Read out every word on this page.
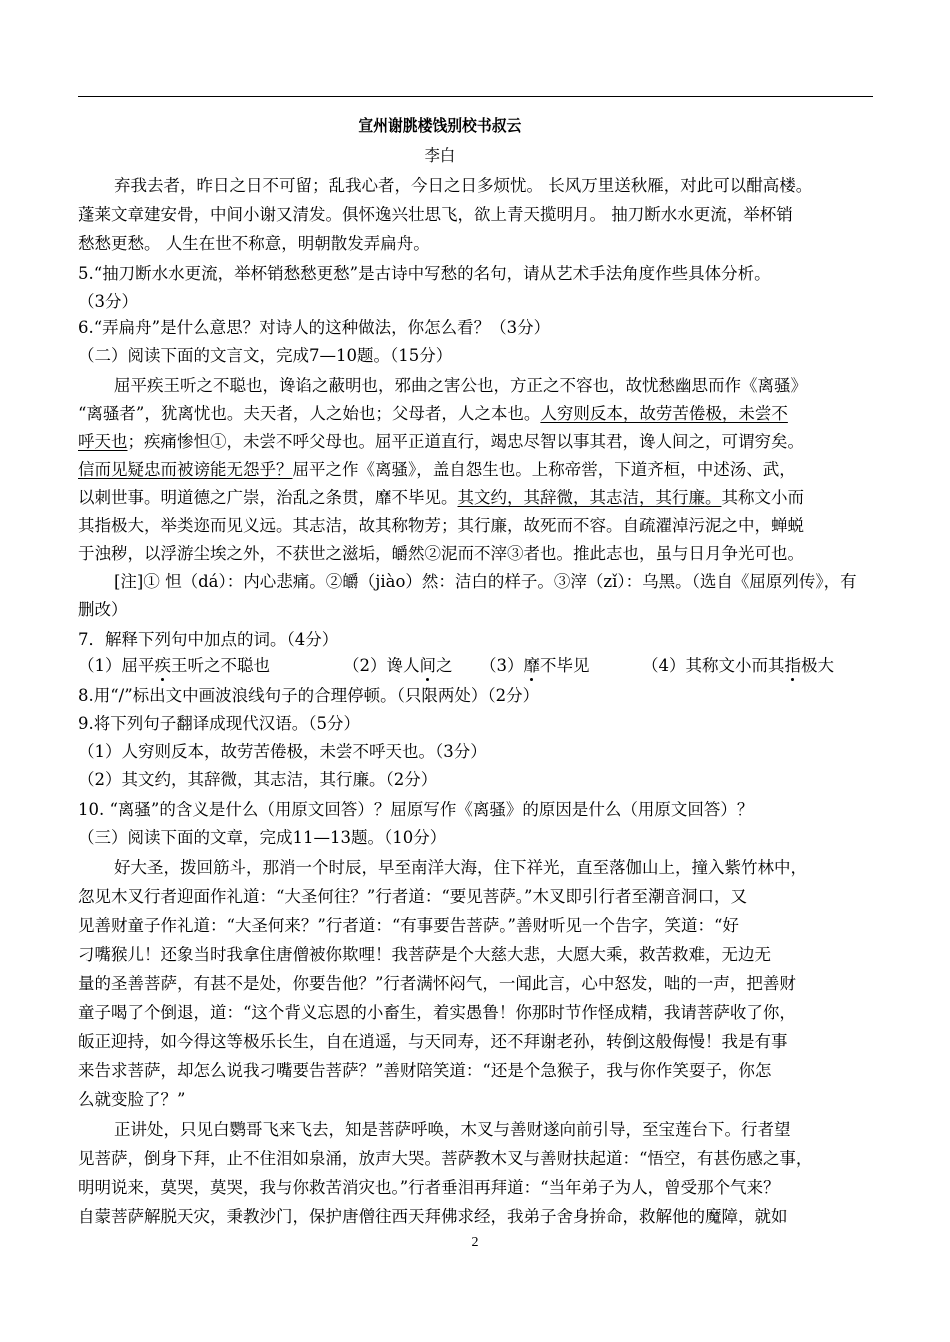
宣州谢朓楼饯别校书叔云
李白
弃我去者，昨日之日不可留；乱我心者，今日之日多烦忧。 长风万里送秋雁，对此可以酣高楼。
蓬莱文章建安骨，中间小谢又清发。俱怀逸兴壮思飞，欲上青天揽明月。 抽刀断水水更流，举杯销
愁愁更愁。 人生在世不称意，明朝散发弄扁舟。
5.“抽刀断水水更流，举杯销愁愁更愁”是古诗中写愁的名句，请从艺术手法角度作些具体分析。
（3分）
6.“弄扁舟”是什么意思？对诗人的这种做法，你怎么看？（3分）
（二）阅读下面的文言文，完成7—10题。（15分）
屈平疾王听之不聪也，谗谄之蔽明也，邪曲之害公也，方正之不容也，故忧愁幽思而作《离骚》
“离骚者”，犹离忧也。夫天者，人之始也；父母者，人之本也。人穷则反本，故劳苦倦极，未尝不
呼天也；疾痛惨怛①，未尝不呼父母也。屈平正道直行，竭忠尽智以事其君，谗人间之，可谓穷矣。
信而见疑忠而被谤能无怨乎？屈平之作《离骚》，盖自怨生也。上称帝喾，下道齐桓，中述汤、武，
以刺世事。明道德之广崇，治乱之条贯，靡不毕见。其文约，其辞微，其志洁，其行廉。其称文小而
其指极大，举类迩而见义远。其志洁，故其称物芳；其行廉，故死而不容。自疏濯淖污泥之中，蝉蜕
于浊秽，以浮游尘埃之外，不获世之滋垢，皭然②泥而不滓③者也。推此志也，虽与日月争光可也。
[注]① 怛（dá）：内心悲痛。②皭（jiào）然：洁白的样子。③滓（zǐ）：乌黑。（选自《屈原列传》，有
删改）
7．解释下列句中加点的词。（4分）
（1）屈平疾王听之不聪也	（2）谗人间之 （3）靡不毕见	（4）其称文小而其指极大
8.用“/”标出文中画波浪线句子的合理停顿。（只限两处）（2分）
9.将下列句子翻译成现代汉语。（5分）
（1）人穷则反本，故劳苦倦极，未尝不呼天也。（3分）
（2）其文约，其辞微，其志洁，其行廉。（2分）
10. “离骚”的含义是什么（用原文回答）？屈原写作《离骚》的原因是什么（用原文回答）？
（三）阅读下面的文章，完成11—13题。（10分）
好大圣，拨回筋斗，那消一个时辰，早至南洋大海，住下祥光，直至落伽山上，撞入紫竹林中，
忽见木叉行者迎面作礼道：“大圣何往？”行者道：“要见菩萨。”木叉即引行者至潮音洞口，又
见善财童子作礼道：“大圣何来？”行者道：“有事要告菩萨。”善财听见一个告字，笑道：“好
刁嘴猴儿！还象当时我拿住唐僧被你欺哩！我菩萨是个大慈大悲，大愿大乘，救苦救难，无边无
量的圣善菩萨，有甚不是处，你要告他？”行者满怀闷气，一闻此言，心中怒发，咄的一声，把善财
童子喝了个倒退，道：“这个背义忘恩的小畜生，着实愚鲁！你那时节作怪成精，我请菩萨收了你，
皈正迎持，如今得这等极乐长生，自在逍遥，与天同寿，还不拜谢老孙，转倒这般侮慢！我是有事
来告求菩萨，却怎么说我刁嘴要告菩萨？”善财陪笑道：“还是个急猴子，我与你作笑耍子，你怎
么就变脸了？”
正讲处，只见白鹦哥飞来飞去，知是菩萨呼唤，木叉与善财遂向前引导，至宝莲台下。行者望
见菩萨，倒身下拜，止不住泪如泉涌，放声大哭。菩萨教木叉与善财扶起道：“悟空，有甚伤感之事，
明明说来，莫哭，莫哭，我与你救苦消灾也。”行者垂泪再拜道：“当年弟子为人，曾受那个气来？
自蒙菩萨解脱天灾，秉教沙门，保护唐僧往西天拜佛求经，我弟子舍身拚命，救解他的魔障，就如
2
